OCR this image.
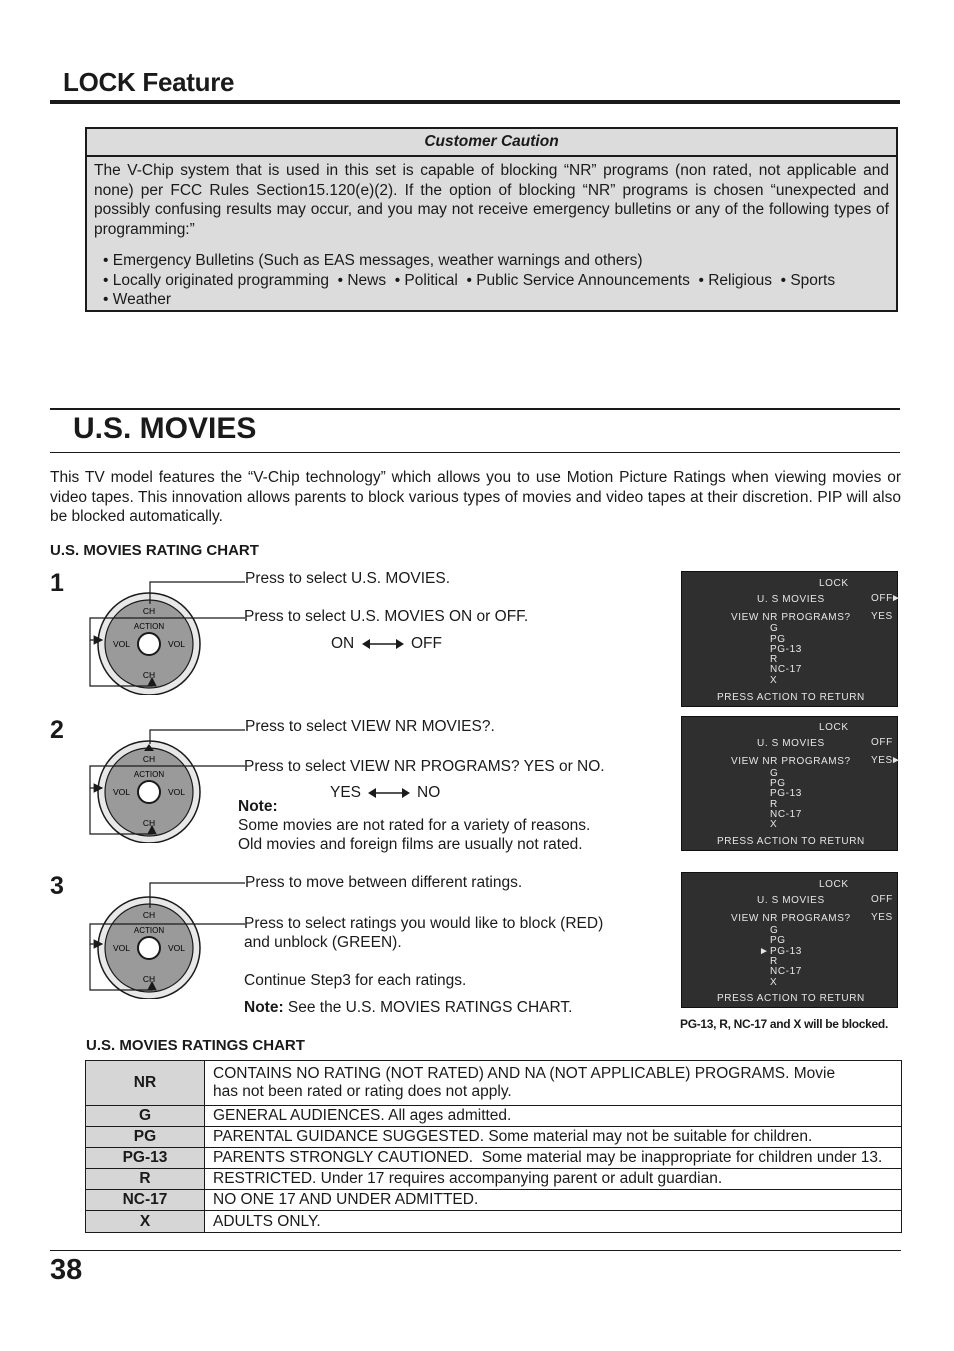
LOCK Feature
Customer Caution
The V-Chip system that is used in this set is capable of blocking “NR” programs (non rated, not applicable and none) per FCC Rules Section15.120(e)(2). If the option of blocking “NR” programs is chosen “unexpected and possibly confusing results may occur, and you may not receive emergency bulletins or any of the following types of programming:”
• Emergency Bulletins (Such as EAS messages, weather warnings and others)
• Locally originated programming  • News  • Political  • Public Service Announcements  • Religious  • Sports
• Weather
U.S. MOVIES

This TV model features the “V-Chip technology” which allows you to use Motion Picture Ratings when viewing movies or video tapes. This innovation allows parents to block various types of movies and video tapes at their discretion. PIP will also be blocked automatically.

U.S. MOVIES RATING CHART

1
CH
CH
VOL	VOL
ACTION
Press to select U.S. MOVIES.
Press to select U.S. MOVIES ON or OFF.
ON	OFF
LOCK
U. S MOVIES	OFF
►
VIEW NR PROGRAMS? YES
G
PG
PG-13
R
NC-17
X
PRESS ACTION TO RETURN
2
CH
CH
VOL	VOL
ACTION
Press to select VIEW NR MOVIES?.
Press to select VIEW NR PROGRAMS? YES or NO.
YES	NO
Note:
Some movies are not rated for a variety of reasons.
Old movies and foreign films are usually not rated.
LOCK
U. S MOVIES	OFF
VIEW NR PROGRAMS? YES
►
G
PG
PG-13
R
NC-17
X
PRESS ACTION TO RETURN
3
CH
CH
VOL	VOL
ACTION
Press to move between different ratings.
Press to select ratings you would like to block (RED)
and unblock (GREEN).
Continue Step3 for each ratings.
Note: See the U.S. MOVIES RATINGS CHART.
LOCK
U. S MOVIES	OFF
VIEW NR PROGRAMS? YES
G
PG
► PG-13
R
NC-17
X
PRESS ACTION TO RETURN
PG-13, R, NC-17 and X will be blocked.

U.S. MOVIES RATINGS CHART

NR	CONTAINS NO RATING (NOT RATED) AND NA (NOT APPLICABLE) PROGRAMS. Movie
has not been rated or rating does not apply.

G	GENERAL AUDIENCES. All ages admitted.
PG	PARENTAL GUIDANCE SUGGESTED. Some material may not be suitable for children.
PG-13	PARENTS STRONGLY CAUTIONED.  Some material may be inappropriate for children under 13.
R	RESTRICTED. Under 17 requires accompanying parent or adult guardian.
NC-17	NO ONE 17 AND UNDER ADMITTED.
X	ADULTS ONLY.
38
